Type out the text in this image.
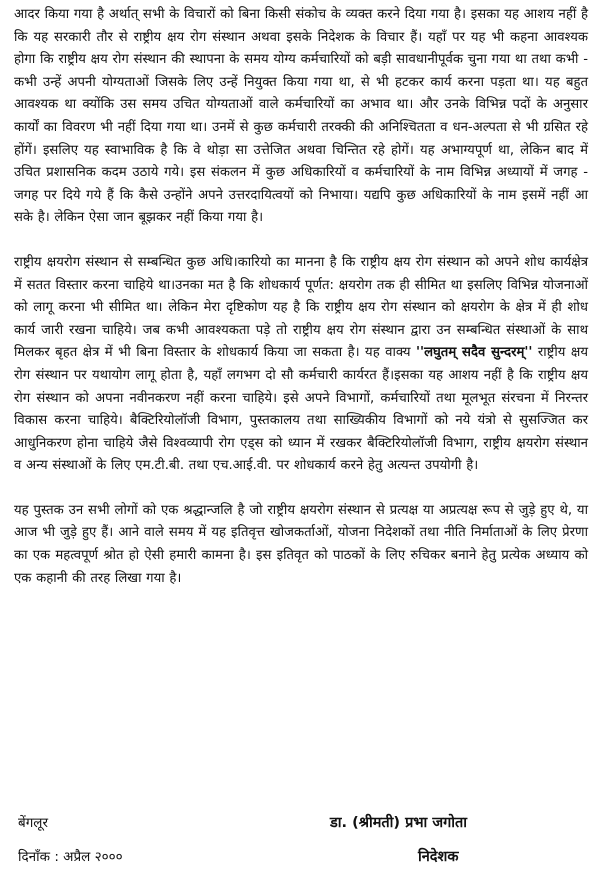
आदर किया गया है अर्थात् सभी के विचारों को बिना किसी संकोच के व्यक्त करने दिया गया है। इसका यह आशय नहीं है कि यह सरकारी तौर से राष्ट्रीय क्षय रोग संस्थान अथवा इसके निदेशक के विचार हैं। यहाँ पर यह भी कहना आवश्यक होगा कि राष्ट्रीय क्षय रोग संस्थान की स्थापना के समय योग्य कर्मचारियों को बड़ी सावधानीपूर्वक चुना गया था तथा कभी - कभी उन्हें अपनी योग्यताओं जिसके लिए उन्हें नियुक्त किया गया था, से भी हटकर कार्य करना पड़ता था। यह बहुत आवश्यक था क्योंकि उस समय उचित योग्यताओं वाले कर्मचारियों का अभाव था। और उनके विभिन्न पदों के अनुसार कार्यों का विवरण भी नहीं दिया गया था। उनमें से कुछ कर्मचारी तरक्की की अनिश्चितता व धन-अल्पता से भी ग्रसित रहे होंगें। इसलिए यह स्वाभाविक है कि वे थोड़ा सा उत्तेजित अथवा चिन्तित रहे होगें। यह अभाग्यपूर्ण था, लेकिन बाद में उचित प्रशासनिक कदम उठाये गये। इस संकलन में कुछ अधिकारियों व कर्मचारियों के नाम विभिन्न अध्यायों में जगह - जगह पर दिये गये हैं कि कैसे उन्होंने अपने उत्तरदायित्वयों को निभाया। यद्यपि कुछ अधिकारियों के नाम इसमें नहीं आ सके है। लेकिन ऐसा जान बूझकर नहीं किया गया है।

राष्ट्रीय क्षयरोग संस्थान से सम्बन्धित कुछ अधि।कारियो का मानना है कि राष्ट्रीय क्षय रोग संस्थान को अपने शोध कार्यक्षेत्र में सतत विस्तार करना चाहिये था।उनका मत है कि शोधकार्य पूर्णत: क्षयरोग तक ही सीमित था इसलिए विभिन्न योजनाओं को लागू करना भी सीमित था। लेकिन मेरा दृष्टिकोण यह है कि राष्ट्रीय क्षय रोग संस्थान को क्षयरोग के क्षेत्र में ही शोध कार्य जारी रखना चाहिये। जब कभी आवश्यकता पड़े तो राष्ट्रीय क्षय रोग संस्थान द्वारा उन सम्बन्धित संस्थाओं के साथ मिलकर बृहत क्षेत्र में भी बिना विस्तार के शोधकार्य किया जा सकता है। यह वाक्य ''लघुतम् सदैव सुन्दरम्'' राष्ट्रीय क्षय रोग संस्थान पर यथायोग लागू होता है, यहाँ लगभग दो सौ कर्मचारी कार्यरत हैं।इसका यह आशय नहीं है कि राष्ट्रीय क्षय रोग संस्थान को अपना नवीनकरण नहीं करना चाहिये। इसे अपने विभागों, कर्मचारियों तथा मूलभूत संरचना में निरन्तर विकास करना चाहिये। बैक्टिरियोलॉजी विभाग, पुस्तकालय तथा साख्यिकीय विभागों को नये यंत्रो से सुसज्जित कर आधुनिकरण होना चाहिये जैसे विश्वव्यापी रोग एड्स को ध्यान में रखकर बैक्टिरियोलॉजी विभाग, राष्ट्रीय क्षयरोग संस्थान व अन्य संस्थाओं के लिए एम.टी.बी. तथा एच.आई.वी. पर शोधकार्य करने हेतु अत्यन्त उपयोगी है।

यह पुस्तक उन सभी लोगों को एक श्रद्धान्जलि है जो राष्ट्रीय क्षयरोग संस्थान से प्रत्यक्ष या अप्रत्यक्ष रूप से जुड़े हुए थे, या आज भी जुड़े हुए हैं। आने वाले समय में यह इतिवृत्त खोजकर्ताओं, योजना निदेशकों तथा नीति निर्माताओं के लिए प्रेरणा का एक महत्वपूर्ण श्रोत हो ऐसी हमारी कामना है। इस इतिवृत को पाठकों के लिए रुचिकर बनाने हेतु प्रत्येक अध्याय को एक कहानी की तरह लिखा गया है।

बेंगलूर
दिनाँक : अप्रैल २०००
डा. (श्रीमती) प्रभा जगोता
निदेशक
